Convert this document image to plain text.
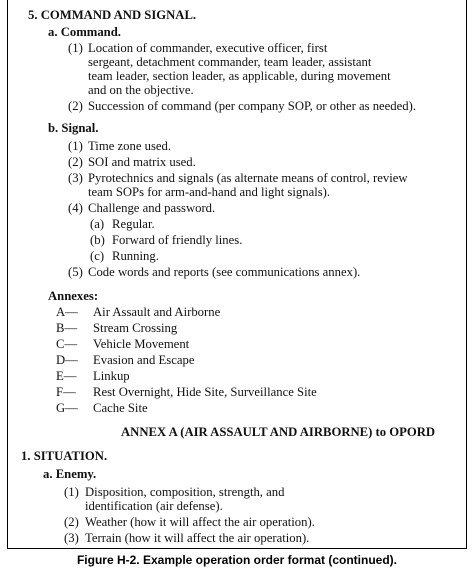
5. COMMAND AND SIGNAL.
a. Command.
(1) Location of commander, executive officer, first
sergeant, detachment commander, team leader, assistant
team leader, section leader, as applicable, during movement
and on the objective.
(2) Succession of command (per company SOP, or other as needed).
b. Signal.
(1) Time zone used.
(2) SOI and matrix used.
(3) Pyrotechnics and signals (as alternate means of control, review
team SOPs for arm-and-hand and light signals).
(4) Challenge and password.
(a) Regular.
(b) Forward of friendly lines.
(c) Running.
(5) Code words and reports (see communications annex).
Annexes:
A— Air Assault and Airborne
B— Stream Crossing
C— Vehicle Movement
D— Evasion and Escape
E— Linkup
F— Rest Overnight, Hide Site, Surveillance Site
G— Cache Site
ANNEX A (AIR ASSAULT AND AIRBORNE) to OPORD
1. SITUATION.
a. Enemy.
(1) Disposition, composition, strength, and
identification (air defense).
(2) Weather (how it will affect the air operation).
(3) Terrain (how it will affect the air operation).
Figure H-2. Example operation order format (continued).
